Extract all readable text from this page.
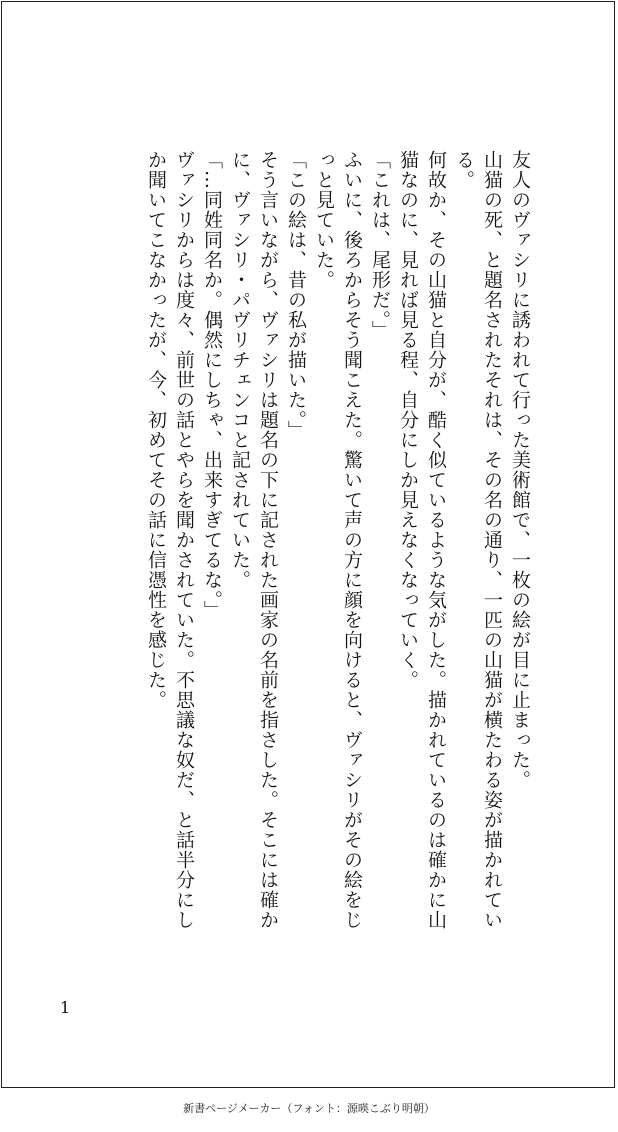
友人のヴァシリに誘われて行った美術館で、一枚の絵が目に止まった。

山猫の死、と題名されたそれは、その名の通り、一匹の山猫が横たわる姿が描かれている。

何故か、その山猫と自分が、酷く似ているような気がした。描かれているのは確かに山猫なのに、見れば見る程、自分にしか見えなくなっていく。

「これは、尾形だ。」

ふいに、後ろからそう聞こえた。驚いて声の方に顔を向けると、ヴァシリがその絵をじっと見ていた。

「この絵は、昔の私が描いた。」

そう言いながら、ヴァシリは題名の下に記された画家の名前を指さした。そこには確かに、ヴァシリ・パヴリチェンコと記されていた。

「…同姓同名か。偶然にしちゃ、出来すぎてるな。」

ヴァシリからは度々、前世の話とやらを聞かされていた。不思議な奴だ、と話半分にしか聞いてこなかったが、今、初めてその話に信憑性を感じた。

1
新書ページメーカー（フォント：源暎こぶり明朝）
